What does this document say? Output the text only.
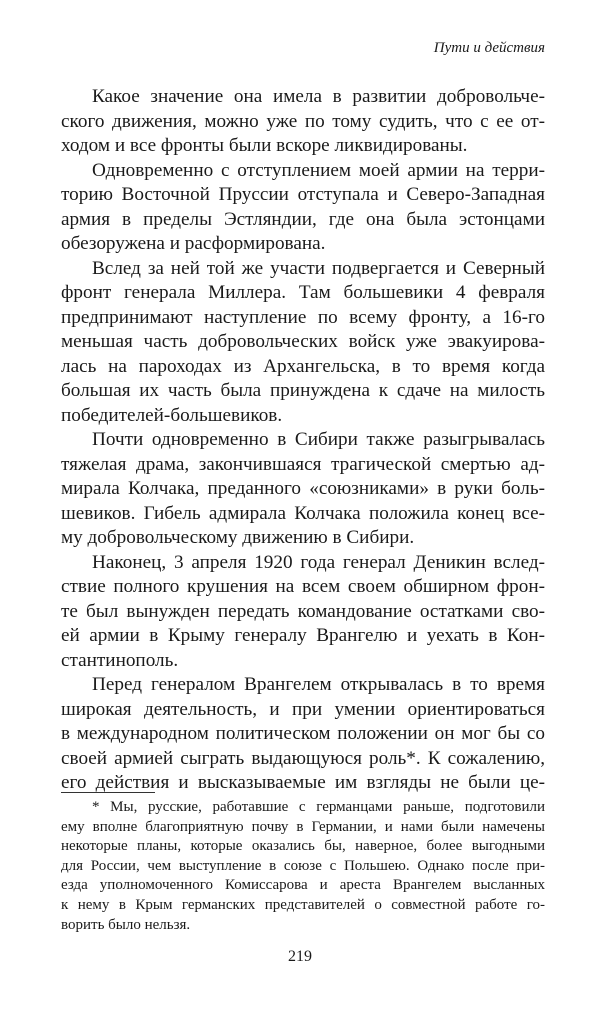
Пути и действия
Какое значение она имела в развитии добровольче-
ского движения, можно уже по тому судить, что с ее от-
ходом и все фронты были вскоре ликвидированы.
Одновременно с отступлением моей армии на терри-
торию Восточной Пруссии отступала и Северо-Западная
армия в пределы Эстляндии, где она была эстонцами
обезоружена и расформирована.
Вслед за ней той же участи подвергается и Северный
фронт генерала Миллера. Там большевики 4 февраля
предпринимают наступление по всему фронту, а 16-го
меньшая часть добровольческих войск уже эвакуирова-
лась на пароходах из Архангельска, в то время когда
большая их часть была принуждена к сдаче на милость
победителей-большевиков.
Почти одновременно в Сибири также разыгрывалась
тяжелая драма, закончившаяся трагической смертью ад-
мирала Колчака, преданного «союзниками» в руки боль-
шевиков. Гибель адмирала Колчака положила конец все-
му добровольческому движению в Сибири.
Наконец, 3 апреля 1920 года генерал Деникин вслед-
ствие полного крушения на всем своем обширном фрон-
те был вынужден передать командование остатками сво-
ей армии в Крыму генералу Врангелю и уехать в Кон-
стантинополь.
Перед генералом Врангелем открывалась в то время
широкая деятельность, и при умении ориентироваться
в международном политическом положении он мог бы со
своей армией сыграть выдающуюся роль*. К сожалению,
его действия и высказываемые им взгляды не были це-
* Мы, русские, работавшие с германцами раньше, подготовили
ему вполне благоприятную почву в Германии, и нами были намечены
некоторые планы, которые оказались бы, наверное, более выгодными
для России, чем выступление в союзе с Польшею. Однако после при-
езда уполномоченного Комиссарова и ареста Врангелем высланных
к нему в Крым германских представителей о совместной работе го-
ворить было нельзя.
219
